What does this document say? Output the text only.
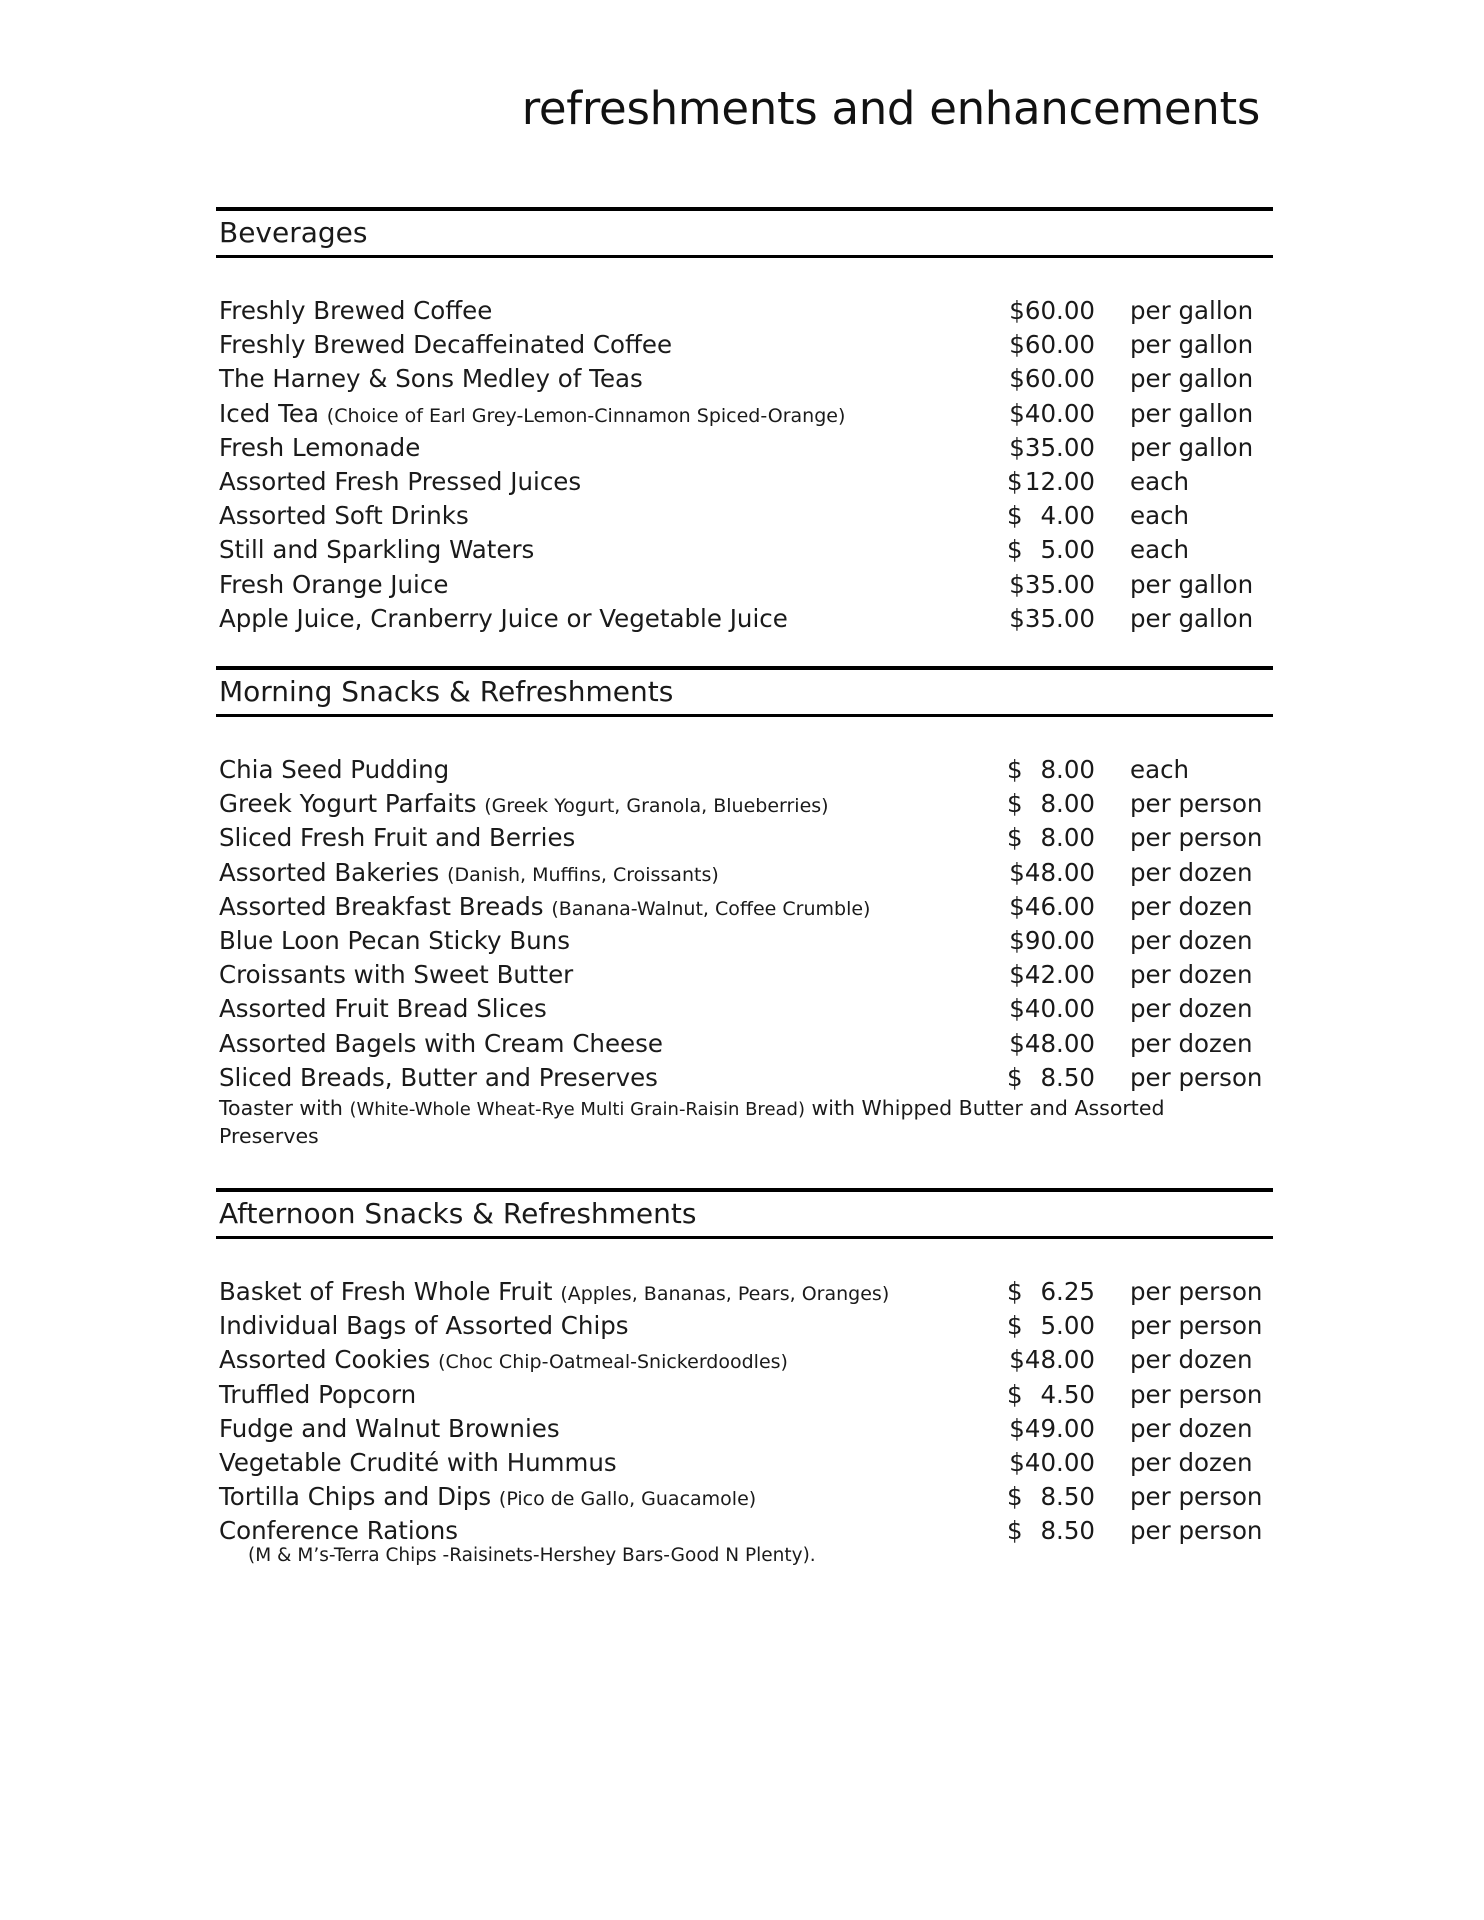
refreshments and enhancements
Beverages
Freshly Brewed Coffee	$60.00 per gallon
Freshly Brewed Decaffeinated Coffee	$60.00 per gallon
The Harney & Sons Medley of Teas	$60.00 per gallon
Iced Tea (Choice of Earl Grey-Lemon-Cinnamon Spiced-Orange)	$40.00 per gallon
Fresh Lemonade	$35.00 per gallon
Assorted Fresh Pressed Juices	$ 12.00 each
Assorted Soft Drinks	$ 4.00 each
Still and Sparkling Waters	$ 5.00 each
Fresh Orange Juice	$35.00 per gallon
Apple Juice, Cranberry Juice or Vegetable Juice	$35.00 per gallon
Morning Snacks & Refreshments
Chia Seed Pudding	$ 8.00 each
Greek Yogurt Parfaits (Greek Yogurt, Granola, Blueberries)	$ 8.00 per person
Sliced Fresh Fruit and Berries	$ 8.00 per person
Assorted Bakeries (Danish, Muffins, Croissants)	$48.00 per dozen
Assorted Breakfast Breads (Banana-Walnut, Coffee Crumble)	$46.00 per dozen
Blue Loon Pecan Sticky Buns	$90.00 per dozen
Croissants with Sweet Butter	$42.00 per dozen
Assorted Fruit Bread Slices	$40.00 per dozen
Assorted Bagels with Cream Cheese	$48.00 per dozen
Sliced Breads, Butter and Preserves	$ 8.50 per person
Toaster with (White-Whole Wheat-Rye Multi Grain-Raisin Bread) with Whipped Butter and Assorted Preserves
Afternoon Snacks & Refreshments
Basket of Fresh Whole Fruit (Apples, Bananas, Pears, Oranges)	$ 6.25 per person
Individual Bags of Assorted Chips	$ 5.00 per person
Assorted Cookies (Choc Chip-Oatmeal-Snickerdoodles)	$48.00 per dozen
Truffled Popcorn	$ 4.50 per person
Fudge and Walnut Brownies	$49.00 per dozen
Vegetable Crudité with Hummus	$40.00 per dozen
Tortilla Chips and Dips (Pico de Gallo, Guacamole)	$ 8.50 per person
Conference Rations	$ 8.50 per person
(M & M’s-Terra Chips -Raisinets-Hershey Bars-Good N Plenty).
